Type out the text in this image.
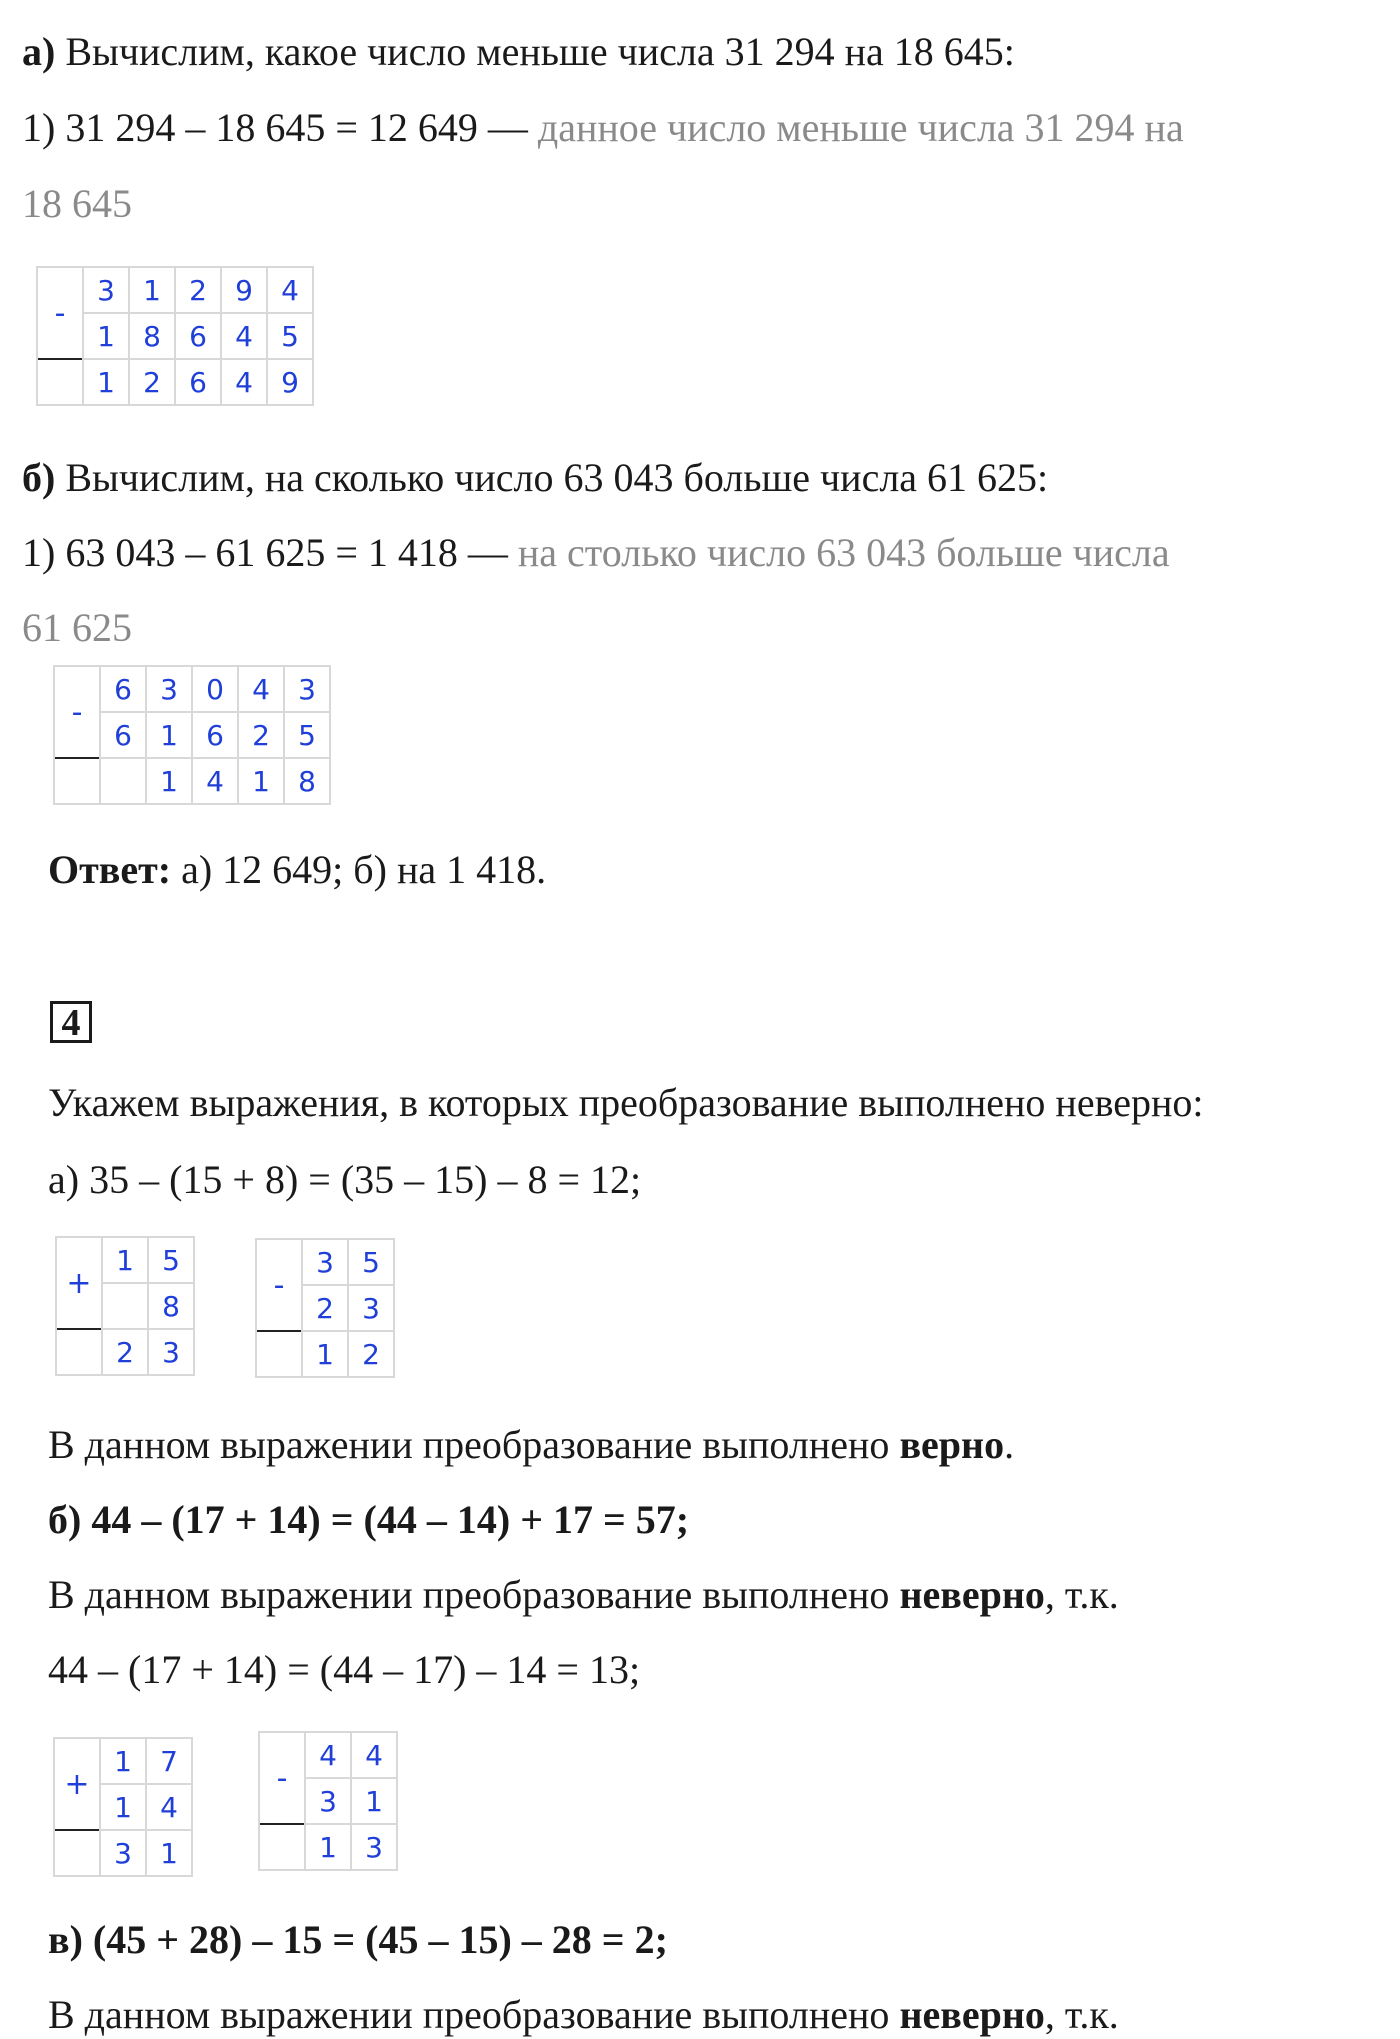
а) Вычислим, какое число меньше числа 31 294 на 18 645:
1) 31 294 – 18 645 = 12 649 — данное число меньше числа 31 294 на
18 645
-	3	1	2	9	4
	1	8	6	4	5
	1	2	6	4	9
б) Вычислим, на сколько число 63 043 больше числа 61 625:
1) 63 043 – 61 625 = 1 418 — на столько число 63 043 больше числа
61 625
-	6	3	0	4	3
	6	1	6	2	5
		1	4	1	8
Ответ: а) 12 649; б) на 1 418.
4
Укажем выражения, в которых преобразование выполнено неверно:
а) 35 – (15 + 8) = (35 – 15) – 8 = 12;
+	1	5
		8
	2	3
-	3	5
	2	3
	1	2
В данном выражении преобразование выполнено верно.
б) 44 – (17 + 14) = (44 – 14) + 17 = 57;
В данном выражении преобразование выполнено неверно, т.к.
44 – (17 + 14) = (44 – 17) – 14 = 13;
+	1	7
	1	4
	3	1
-	4	4
	3	1
	1	3
в) (45 + 28) – 15 = (45 – 15) – 28 = 2;
В данном выражении преобразование выполнено неверно, т.к.
